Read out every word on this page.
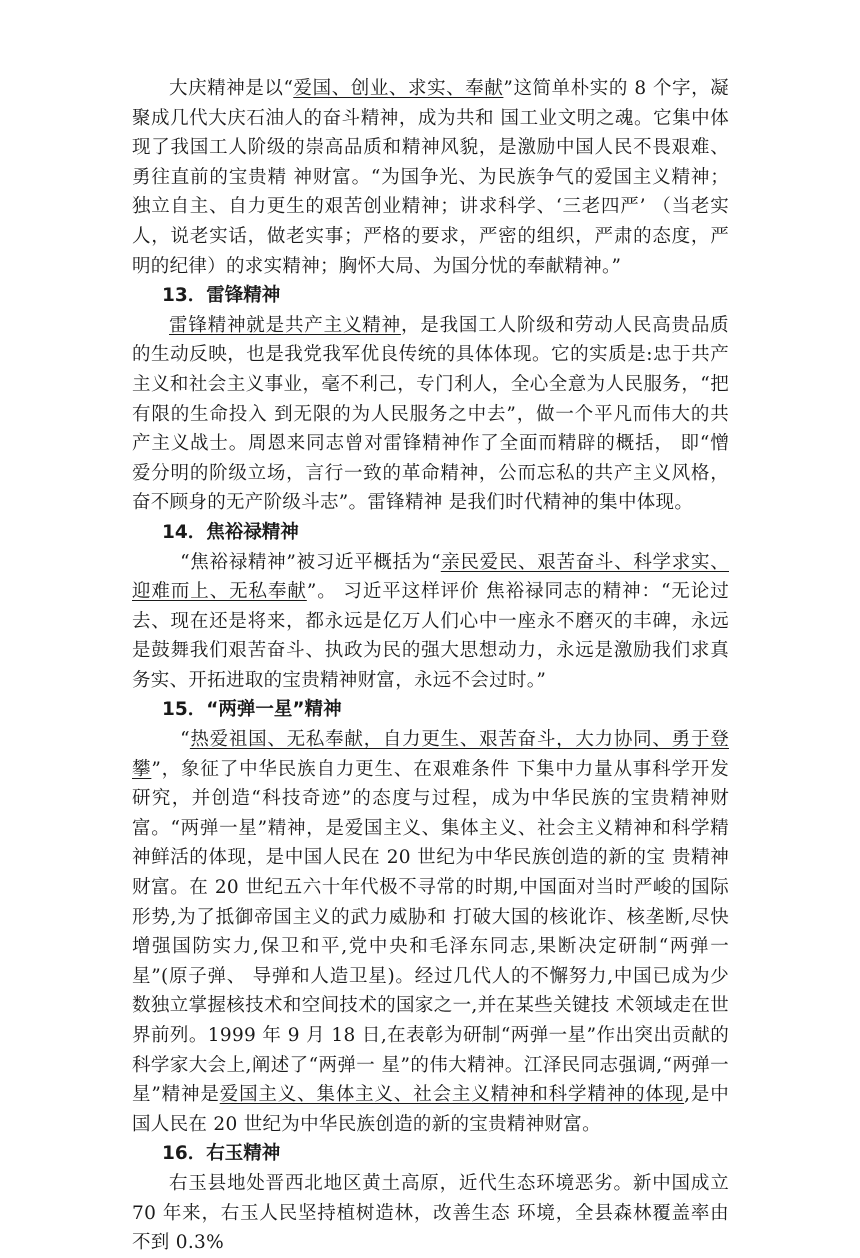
大庆精神是以“爱国、创业、求实、奉献”这简单朴实的 8 个字，凝聚成几代大庆石油人的奋斗精神，成为共和 国工业文明之魂。它集中体现了我国工人阶级的崇高品质和精神风貌，是激励中国人民不畏艰难、勇往直前的宝贵精 神财富。“为国争光、为民族争气的爱国主义精神；独立自主、自力更生的艰苦创业精神；讲求科学、‘三老四严’ （当老实人，说老实话，做老实事；严格的要求，严密的组织，严肃的态度，严明的纪律）的求实精神；胸怀大局、为国分忧的奉献精神。”

13．雷锋精神

雷锋精神就是共产主义精神，是我国工人阶级和劳动人民高贵品质的生动反映，也是我党我军优良传统的具体体现。它的实质是:忠于共产主义和社会主义事业，毫不利己，专门利人，全心全意为人民服务，“把有限的生命投入 到无限的为人民服务之中去”，做一个平凡而伟大的共产主义战士。周恩来同志曾对雷锋精神作了全面而精辟的概括， 即“憎爱分明的阶级立场，言行一致的革命精神，公而忘私的共产主义风格，奋不顾身的无产阶级斗志”。雷锋精神 是我们时代精神的集中体现。

14．焦裕禄精神

“焦裕禄精神”被习近平概括为“亲民爱民、艰苦奋斗、科学求实、迎难而上、无私奉献”。 习近平这样评价 焦裕禄同志的精神：“无论过去、现在还是将来，都永远是亿万人们心中一座永不磨灭的丰碑，永远是鼓舞我们艰苦奋斗、执政为民的强大思想动力，永远是激励我们求真务实、开拓进取的宝贵精神财富，永远不会过时。”

15．“两弹一星”精神

“热爱祖国、无私奉献，自力更生、艰苦奋斗，大力协同、勇于登攀”，象征了中华民族自力更生、在艰难条件 下集中力量从事科学开发研究，并创造“科技奇迹”的态度与过程，成为中华民族的宝贵精神财富。“两弹一星”精神，是爱国主义、集体主义、社会主义精神和科学精神鲜活的体现，是中国人民在 20 世纪为中华民族创造的新的宝 贵精神财富。在 20 世纪五六十年代极不寻常的时期,中国面对当时严峻的国际形势,为了抵御帝国主义的武力威胁和 打破大国的核讹诈、核垄断,尽快增强国防实力,保卫和平,党中央和毛泽东同志,果断决定研制“两弹一星”(原子弹、 导弹和人造卫星)。经过几代人的不懈努力,中国已成为少数独立掌握核技术和空间技术的国家之一,并在某些关键技 术领域走在世界前列。1999 年 9 月 18 日,在表彰为研制“两弹一星”作出突出贡献的科学家大会上,阐述了“两弹一 星”的伟大精神。江泽民同志强调,“两弹一星”精神是爱国主义、集体主义、社会主义精神和科学精神的体现,是中 国人民在 20 世纪为中华民族创造的新的宝贵精神财富。

16．右玉精神

右玉县地处晋西北地区黄土高原，近代生态环境恶劣。新中国成立 70 年来，右玉人民坚持植树造林，改善生态 环境，全县森林覆盖率由不到 0.3%
